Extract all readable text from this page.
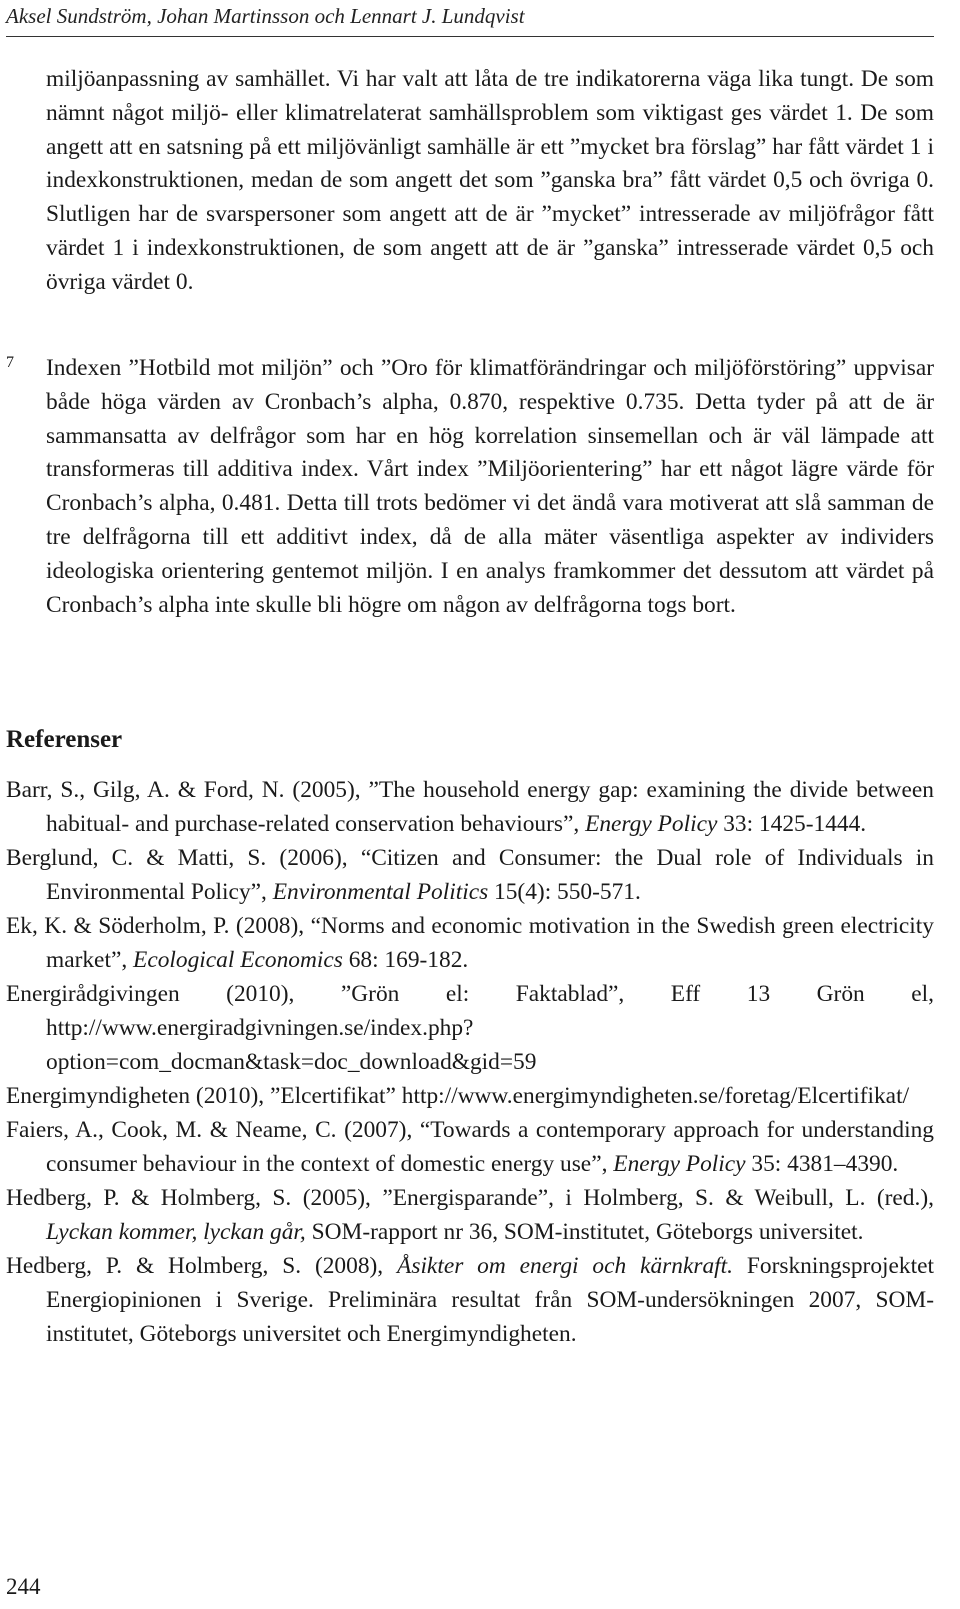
Aksel Sundström, Johan Martinsson och Lennart J. Lundqvist

miljöanpassning av samhället. Vi har valt att låta de tre indikatorerna väga lika tungt. De som nämnt något miljö- eller klimatrelaterat samhällsproblem som viktigast ges värdet 1. De som angett att en satsning på ett miljövänligt samhälle är ett ”mycket bra förslag” har fått värdet 1 i indexkonstruktionen, medan de som angett det som ”ganska bra” fått värdet 0,5 och övriga 0. Slutligen har de svarspersoner som angett att de är ”mycket” intresserade av miljöfrågor fått värdet 1 i indexkonstruktionen, de som angett att de är ”ganska” intresserade värdet 0,5 och övriga värdet 0.

7 Indexen ”Hotbild mot miljön” och ”Oro för klimatförändringar och miljöförstöring” uppvisar både höga värden av Cronbach’s alpha, 0.870, respektive 0.735. Detta tyder på att de är sammansatta av delfrågor som har en hög korrelation sinsemellan och är väl lämpade att transformeras till additiva index. Vårt index ”Miljöorientering” har ett något lägre värde för Cronbach’s alpha, 0.481. Detta till trots bedömer vi det ändå vara motiverat att slå samman de tre delfrågorna till ett additivt index, då de alla mäter väsentliga aspekter av individers ideologiska orientering gentemot miljön. I en analys framkommer det dessutom att värdet på Cronbach’s alpha inte skulle bli högre om någon av delfrågorna togs bort.

Referenser
Barr, S., Gilg, A. & Ford, N. (2005), ”The household energy gap: examining the divide between habitual- and purchase-related conservation behaviours”, Energy Policy 33: 1425-1444.
Berglund, C. & Matti, S. (2006), “Citizen and Consumer: the Dual role of Individuals in Environmental Policy”, Environmental Politics 15(4): 550-571.
Ek, K. & Söderholm, P. (2008), “Norms and economic motivation in the Swedish green electricity market”, Ecological Economics 68: 169-182.
Energirådgivingen (2010), ”Grön el: Faktablad”, Eff 13 Grön el, http://www.energiradgivningen.se/index.php?option=com_docman&task=doc_download&gid=59
Energimyndigheten (2010), ”Elcertifikat” http://www.energimyndigheten.se/foretag/Elcertifikat/
Faiers, A., Cook, M. & Neame, C. (2007), “Towards a contemporary approach for understanding consumer behaviour in the context of domestic energy use”, Energy Policy 35: 4381–4390.
Hedberg, P. & Holmberg, S. (2005), ”Energisparande”, i Holmberg, S. & Weibull, L. (red.), Lyckan kommer, lyckan går, SOM-rapport nr 36, SOM-institutet, Göteborgs universitet.
Hedberg, P. & Holmberg, S. (2008), Åsikter om energi och kärnkraft. Forskningsprojektet Energiopinionen i Sverige. Preliminära resultat från SOM-undersökningen 2007, SOM-institutet, Göteborgs universitet och Energimyndigheten.
244
